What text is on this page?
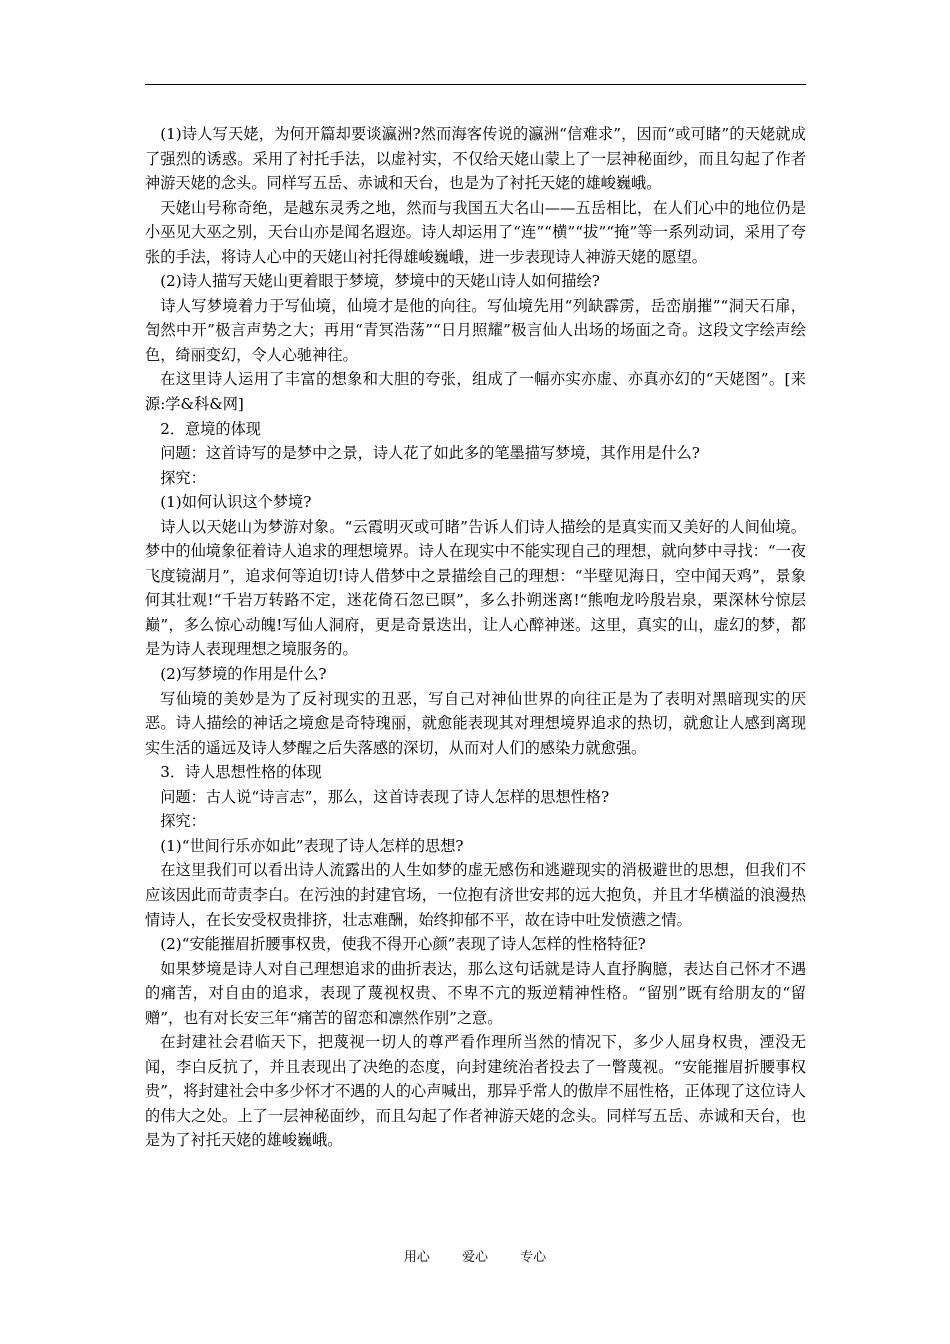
(1)诗人写天姥，为何开篇却要谈瀛洲?然而海客传说的瀛洲“信难求”，因而“或可睹”的天姥就成了强烈的诱惑。采用了衬托手法，以虚衬实，不仅给天姥山蒙上了一层神秘面纱，而且勾起了作者神游天姥的念头。同样写五岳、赤诚和天台，也是为了衬托天姥的雄峻巍峨。

天姥山号称奇绝，是越东灵秀之地，然而与我国五大名山——五岳相比，在人们心中的地位仍是小巫见大巫之别，天台山亦是闻名遐迩。诗人却运用了“连”“横”“拔”“掩”等一系列动词，采用了夸张的手法，将诗人心中的天姥山衬托得雄峻巍峨，进一步表现诗人神游天姥的愿望。

(2)诗人描写天姥山更着眼于梦境，梦境中的天姥山诗人如何描绘?

诗人写梦境着力于写仙境，仙境才是他的向往。写仙境先用“列缺霹雳，岳峦崩摧”“洞天石扉，訇然中开”极言声势之大；再用“青冥浩荡”“日月照耀”极言仙人出场的场面之奇。这段文字绘声绘色，绮丽变幻，令人心驰神往。

在这里诗人运用了丰富的想象和大胆的夸张，组成了一幅亦实亦虚、亦真亦幻的“天姥图”。[来源:学&科&网]

2．意境的体现

问题：这首诗写的是梦中之景，诗人花了如此多的笔墨描写梦境，其作用是什么?

探究：

(1)如何认识这个梦境?

诗人以天姥山为梦游对象。“云霞明灭或可睹”告诉人们诗人描绘的是真实而又美好的人间仙境。梦中的仙境象征着诗人追求的理想境界。诗人在现实中不能实现自己的理想，就向梦中寻找：“一夜飞度镜湖月”，追求何等迫切!诗人借梦中之景描绘自己的理想：“半壁见海日，空中闻天鸡”，景象何其壮观!“千岩万转路不定，迷花倚石忽已暝”，多么扑朔迷离!“熊咆龙吟殷岩泉，栗深林兮惊层巅”，多么惊心动魄!写仙人洞府，更是奇景迭出，让人心醉神迷。这里，真实的山，虚幻的梦，都是为诗人表现理想之境服务的。

(2)写梦境的作用是什么?

写仙境的美妙是为了反衬现实的丑恶，写自己对神仙世界的向往正是为了表明对黑暗现实的厌恶。诗人描绘的神话之境愈是奇特瑰丽，就愈能表现其对理想境界追求的热切，就愈让人感到离现实生活的遥远及诗人梦醒之后失落感的深切，从而对人们的感染力就愈强。

3．诗人思想性格的体现

问题：古人说“诗言志”，那么，这首诗表现了诗人怎样的思想性格?

探究：

(1)“世间行乐亦如此”表现了诗人怎样的思想?

在这里我们可以看出诗人流露出的人生如梦的虚无感伤和逃避现实的消极避世的思想，但我们不应该因此而苛责李白。在污浊的封建官场，一位抱有济世安邦的远大抱负，并且才华横溢的浪漫热情诗人，在长安受权贵排挤，壮志难酬，始终抑郁不平，故在诗中吐发愤懑之情。

(2)“安能摧眉折腰事权贵，使我不得开心颜”表现了诗人怎样的性格特征?

如果梦境是诗人对自己理想追求的曲折表达，那么这句话就是诗人直抒胸臆，表达自己怀才不遇的痛苦，对自由的追求，表现了蔑视权贵、不卑不亢的叛逆精神性格。“留别”既有给朋友的“留赠”，也有对长安三年“痛苦的留恋和凛然作别”之意。

在封建社会君临天下，把蔑视一切人的尊严看作理所当然的情况下，多少人屈身权贵，湮没无闻，李白反抗了，并且表现出了决绝的态度，向封建统治者投去了一瞥蔑视。“安能摧眉折腰事权贵”，将封建社会中多少怀才不遇的人的心声喊出，那异乎常人的傲岸不屈性格，正体现了这位诗人的伟大之处。上了一层神秘面纱，而且勾起了作者神游天姥的念头。同样写五岳、赤诚和天台，也是为了衬托天姥的雄峻巍峨。

用心 爱心 专心
